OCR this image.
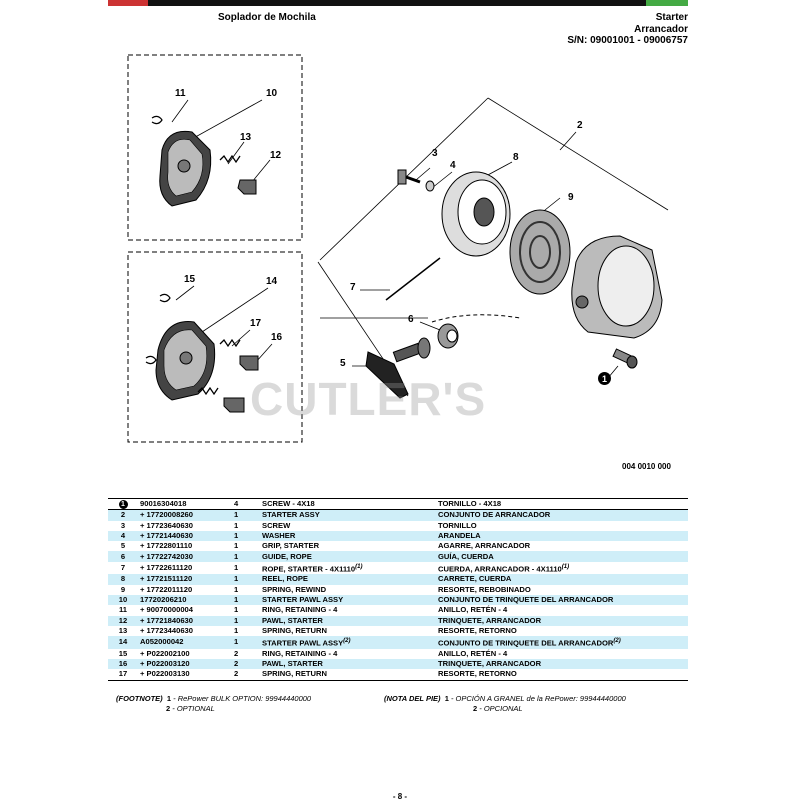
Soplador de Mochila	Starter
Arrancador
S/N: 09001001 - 09006757
11	10
13
12
15	14
17
16
3
4
8
2
9
7
6
5
1
CUTLER'S
004 0010 000
1	90016304018	4	SCREW - 4X18	TORNILLO - 4X18
2	+ 17720008260	1	STARTER ASSY	CONJUNTO DE ARRANCADOR
3	+ 17723640630	1	SCREW	TORNILLO
4	+ 17721440630	1	WASHER	ARANDELA
5	+ 17722801110	1	GRIP, STARTER	AGARRE, ARRANCADOR
6	+ 17722742030	1	GUIDE, ROPE	GUÍA, CUERDA
7	+ 17722611120	1	ROPE, STARTER - 4X1110$^{(1)}$	CUERDA, ARRANCADOR - 4X1110$^{(1)}$
8	+ 17721511120	1	REEL, ROPE	CARRETE, CUERDA
9	+ 17722011120	1	SPRING, REWIND	RESORTE, REBOBINADO
10	17720206210	1	STARTER PAWL ASSY	CONJUNTO DE TRINQUETE DEL ARRANCADOR
11	+ 90070000004	1	RING, RETAINING - 4	ANILLO, RETÉN - 4
12	+ 17721840630	1	PAWL, STARTER	TRINQUETE, ARRANCADOR
13	+ 17723440630	1	SPRING, RETURN	RESORTE, RETORNO
14	A052000042	1	STARTER PAWL ASSY$^{(2)}$	CONJUNTO DE TRINQUETE DEL ARRANCADOR$^{(2)}$
15	+ P022002100	2	RING, RETAINING - 4	ANILLO, RETÉN - 4
16	+ P022003120	2	PAWL, STARTER	TRINQUETE, ARRANCADOR
17	+ P022003130	2	SPRING, RETURN	RESORTE, RETORNO
(FOOTNOTE) 1 - RePower BULK OPTION: 99944440000
2 - OPTIONAL
(NOTA DEL PIE) 1 - OPCIÓN A GRANEL de la RePower: 99944440000
2 - OPCIONAL
- 8 -
